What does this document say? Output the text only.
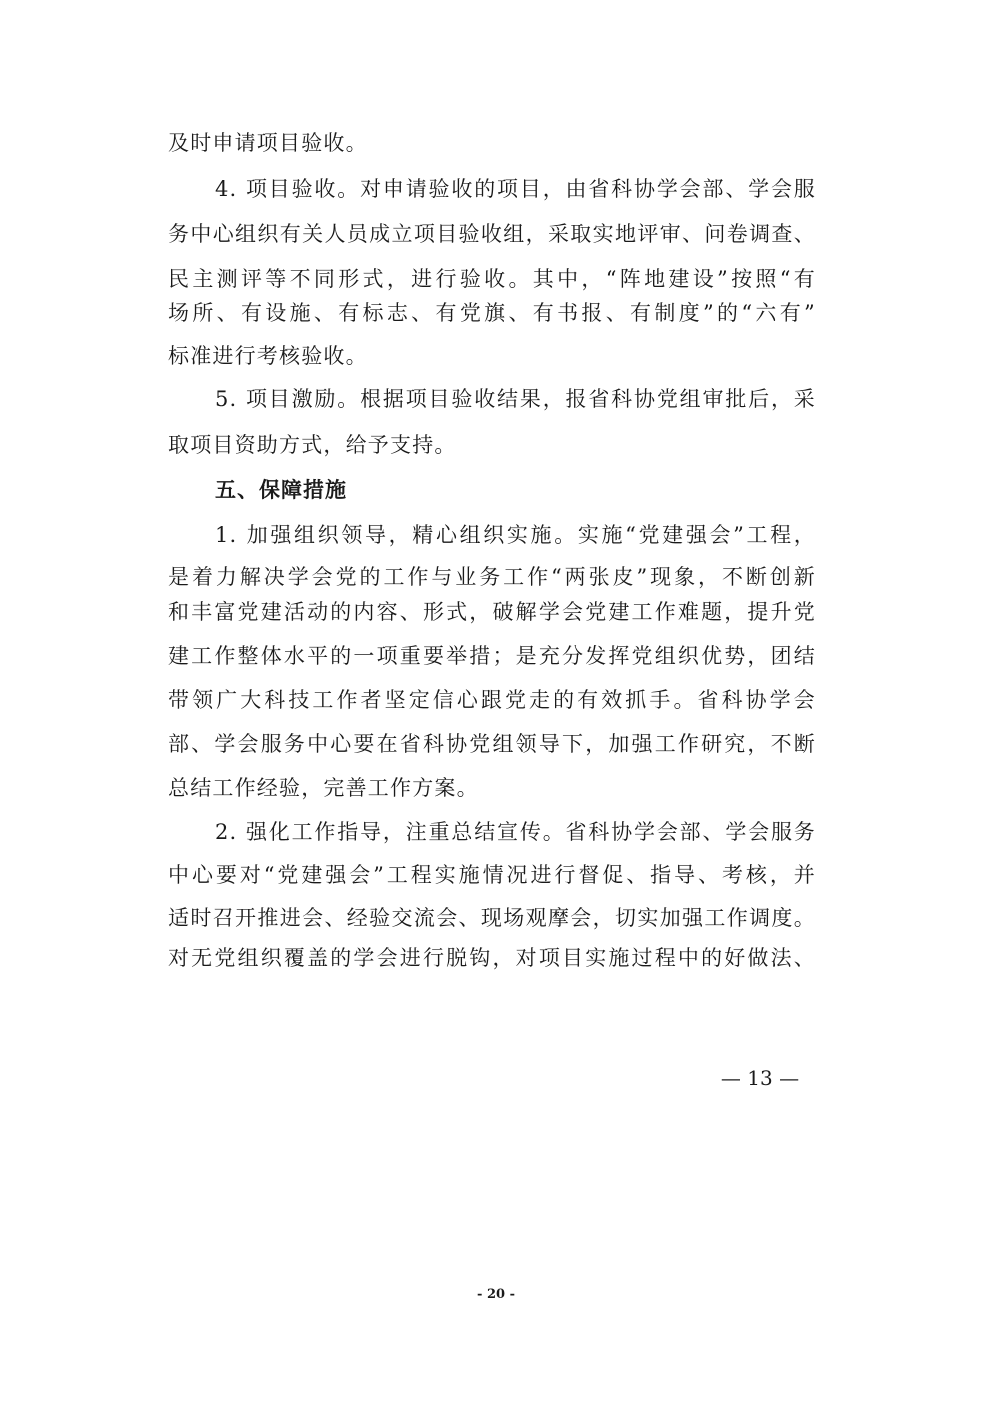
及时申请项目验收。
4. 项目验收。对申请验收的项目，由省科协学会部、学会服
务中心组织有关人员成立项目验收组，采取实地评审、问卷调查、
民主测评等不同形式，进行验收。其中，“阵地建设”按照“有
场所、有设施、有标志、有党旗、有书报、有制度”的“六有”
标准进行考核验收。
5. 项目激励。根据项目验收结果，报省科协党组审批后，采
取项目资助方式，给予支持。
五、保障措施
1. 加强组织领导，精心组织实施。实施“党建强会”工程，
是着力解决学会党的工作与业务工作“两张皮”现象，不断创新
和丰富党建活动的内容、形式，破解学会党建工作难题，提升党
建工作整体水平的一项重要举措；是充分发挥党组织优势，团结
带领广大科技工作者坚定信心跟党走的有效抓手。省科协学会
部、学会服务中心要在省科协党组领导下，加强工作研究，不断
总结工作经验，完善工作方案。
2. 强化工作指导，注重总结宣传。省科协学会部、学会服务
中心要对“党建强会”工程实施情况进行督促、指导、考核，并
适时召开推进会、经验交流会、现场观摩会，切实加强工作调度。
对无党组织覆盖的学会进行脱钩，对项目实施过程中的好做法、
— 13 —
- 20 -
